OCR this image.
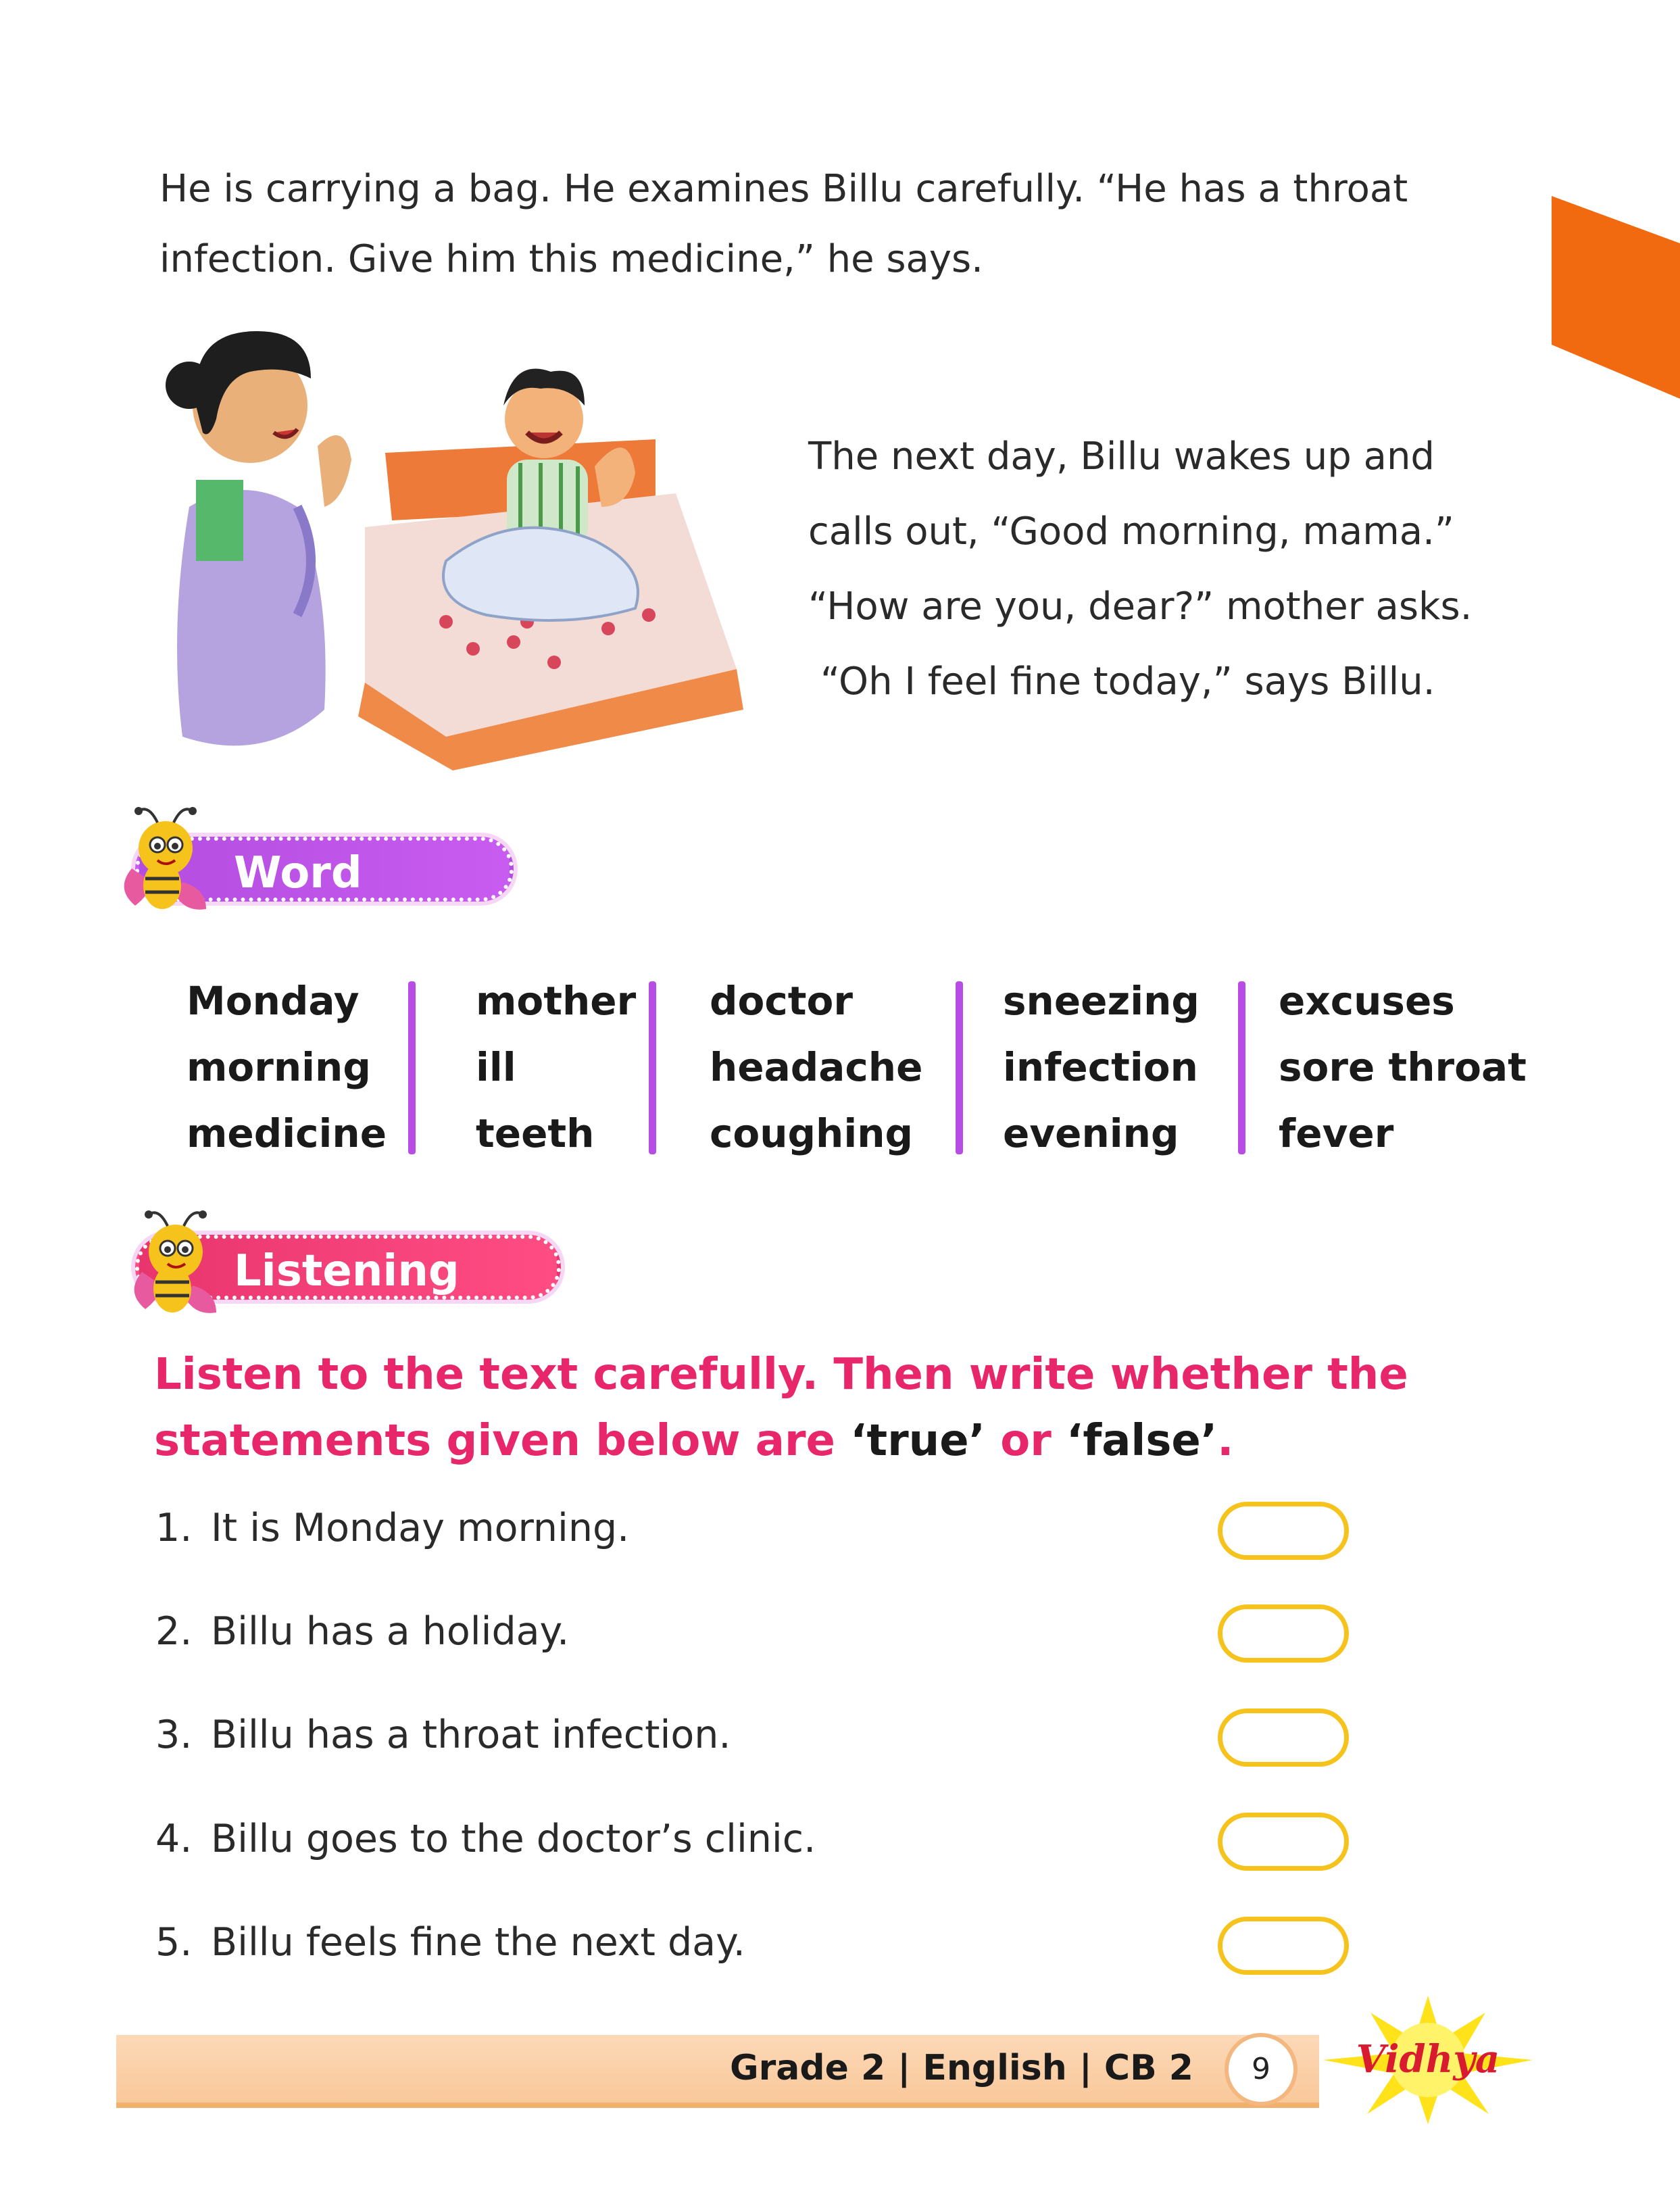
He is carrying a bag. He examines Billu carefully. “He has a throat
infection. Give him this medicine,” he says.
The next day, Billu wakes up and
calls out, “Good morning, mama.”
“How are you, dear?” mother asks.
“Oh I feel fine today,” says Billu.
Word Power
Monday
morning
medicine
mother
ill
teeth
doctor
headache
coughing
sneezing
infection
evening
excuses
sore throat
fever
Listening Skills
Listen to the text carefully. Then write whether the statements given below are ‘true’ or ‘false’.
1. It is Monday morning.
2. Billu has a holiday.
3. Billu has a throat infection.
4. Billu goes to the doctor’s clinic.
5. Billu feels fine the next day.
Grade 2 | English | CB 2	9	Vidhya
